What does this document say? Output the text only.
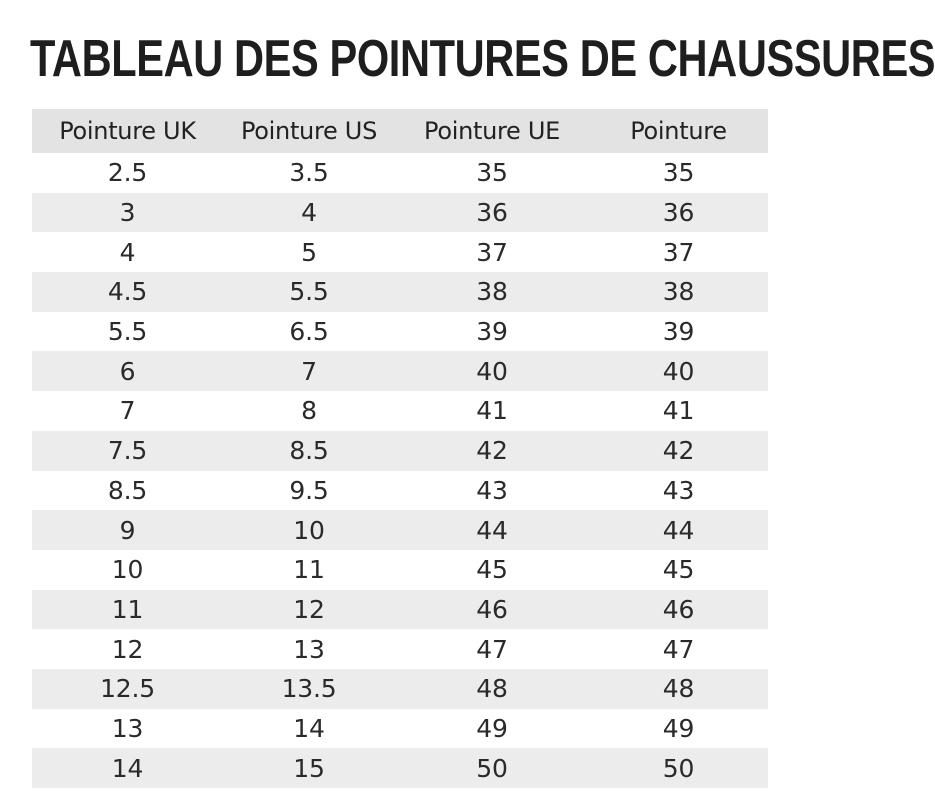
TABLEAU DES POINTURES DE CHAUSSURES
Pointure UK	Pointure US	Pointure UE	Pointure
2.5	3.5	35	35
3	4	36	36
4	5	37	37
4.5	5.5	38	38
5.5	6.5	39	39
6	7	40	40
7	8	41	41
7.5	8.5	42	42
8.5	9.5	43	43
9	10	44	44
10	11	45	45
11	12	46	46
12	13	47	47
12.5	13.5	48	48
13	14	49	49
14	15	50	50
